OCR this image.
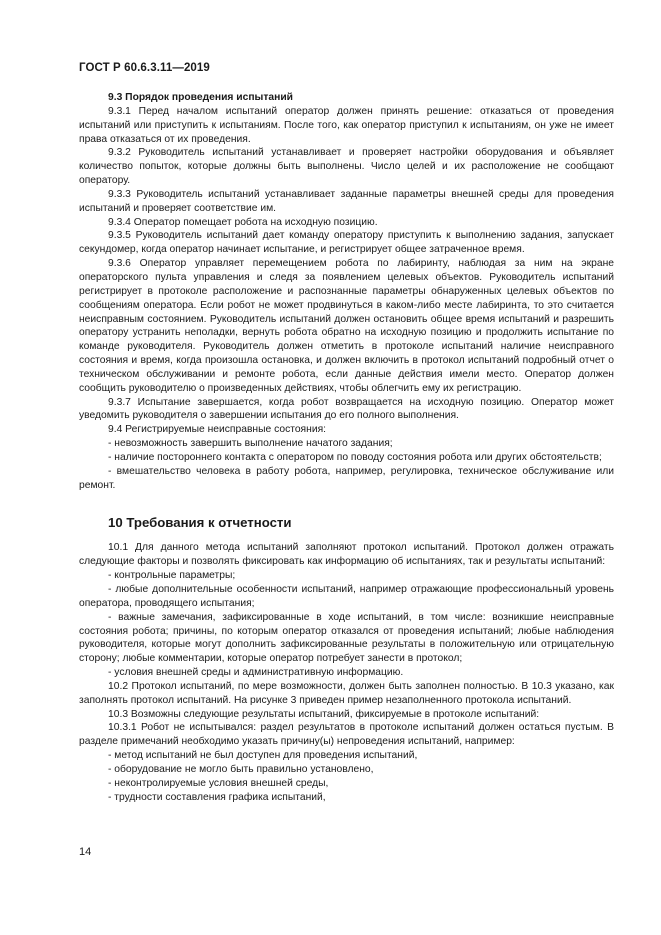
ГОСТ Р 60.6.3.11—2019

9.3 Порядок проведения испытаний

9.3.1 Перед началом испытаний оператор должен принять решение: отказаться от проведения испытаний или приступить к испытаниям. После того, как оператор приступил к испытаниям, он уже не имеет права отказаться от их проведения.

9.3.2 Руководитель испытаний устанавливает и проверяет настройки оборудования и объявляет количество попыток, которые должны быть выполнены. Число целей и их расположение не сообщают оператору.

9.3.3 Руководитель испытаний устанавливает заданные параметры внешней среды для проведения испытаний и проверяет соответствие им.

9.3.4 Оператор помещает робота на исходную позицию.

9.3.5 Руководитель испытаний дает команду оператору приступить к выполнению задания, запускает секундомер, когда оператор начинает испытание, и регистрирует общее затраченное время.

9.3.6 Оператор управляет перемещением робота по лабиринту, наблюдая за ним на экране операторского пульта управления и следя за появлением целевых объектов. Руководитель испытаний регистрирует в протоколе расположение и распознанные параметры обнаруженных целевых объектов по сообщениям оператора. Если робот не может продвинуться в каком-либо месте лабиринта, то это считается неисправным состоянием. Руководитель испытаний должен остановить общее время испытаний и разрешить оператору устранить неполадки, вернуть робота обратно на исходную позицию и продолжить испытание по команде руководителя. Руководитель должен отметить в протоколе испытаний наличие неисправного состояния и время, когда произошла остановка, и должен включить в протокол испытаний подробный отчет о техническом обслуживании и ремонте робота, если данные действия имели место. Оператор должен сообщить руководителю о произведенных действиях, чтобы облегчить ему их регистрацию.

9.3.7 Испытание завершается, когда робот возвращается на исходную позицию. Оператор может уведомить руководителя о завершении испытания до его полного выполнения.

9.4 Регистрируемые неисправные состояния:

- невозможность завершить выполнение начатого задания;

- наличие постороннего контакта с оператором по поводу состояния робота или других обстоятельств;

- вмешательство человека в работу робота, например, регулировка, техническое обслуживание или ремонт.

10 Требования к отчетности

10.1 Для данного метода испытаний заполняют протокол испытаний. Протокол должен отражать следующие факторы и позволять фиксировать как информацию об испытаниях, так и результаты испытаний:

- контрольные параметры;

- любые дополнительные особенности испытаний, например отражающие профессиональный уровень оператора, проводящего испытания;

- важные замечания, зафиксированные в ходе испытаний, в том числе: возникшие неисправные состояния робота; причины, по которым оператор отказался от проведения испытаний; любые наблюдения руководителя, которые могут дополнить зафиксированные результаты в положительную или отрицательную сторону; любые комментарии, которые оператор потребует занести в протокол;

- условия внешней среды и административную информацию.

10.2 Протокол испытаний, по мере возможности, должен быть заполнен полностью. В 10.3 указано, как заполнять протокол испытаний. На рисунке 3 приведен пример незаполненного протокола испытаний.

10.3 Возможны следующие результаты испытаний, фиксируемые в протоколе испытаний:

10.3.1 Робот не испытывался: раздел результатов в протоколе испытаний должен остаться пустым. В разделе примечаний необходимо указать причину(ы) непроведения испытаний, например:

- метод испытаний не был доступен для проведения испытаний,

- оборудование не могло быть правильно установлено,

- неконтролируемые условия внешней среды,

- трудности составления графика испытаний,

14
